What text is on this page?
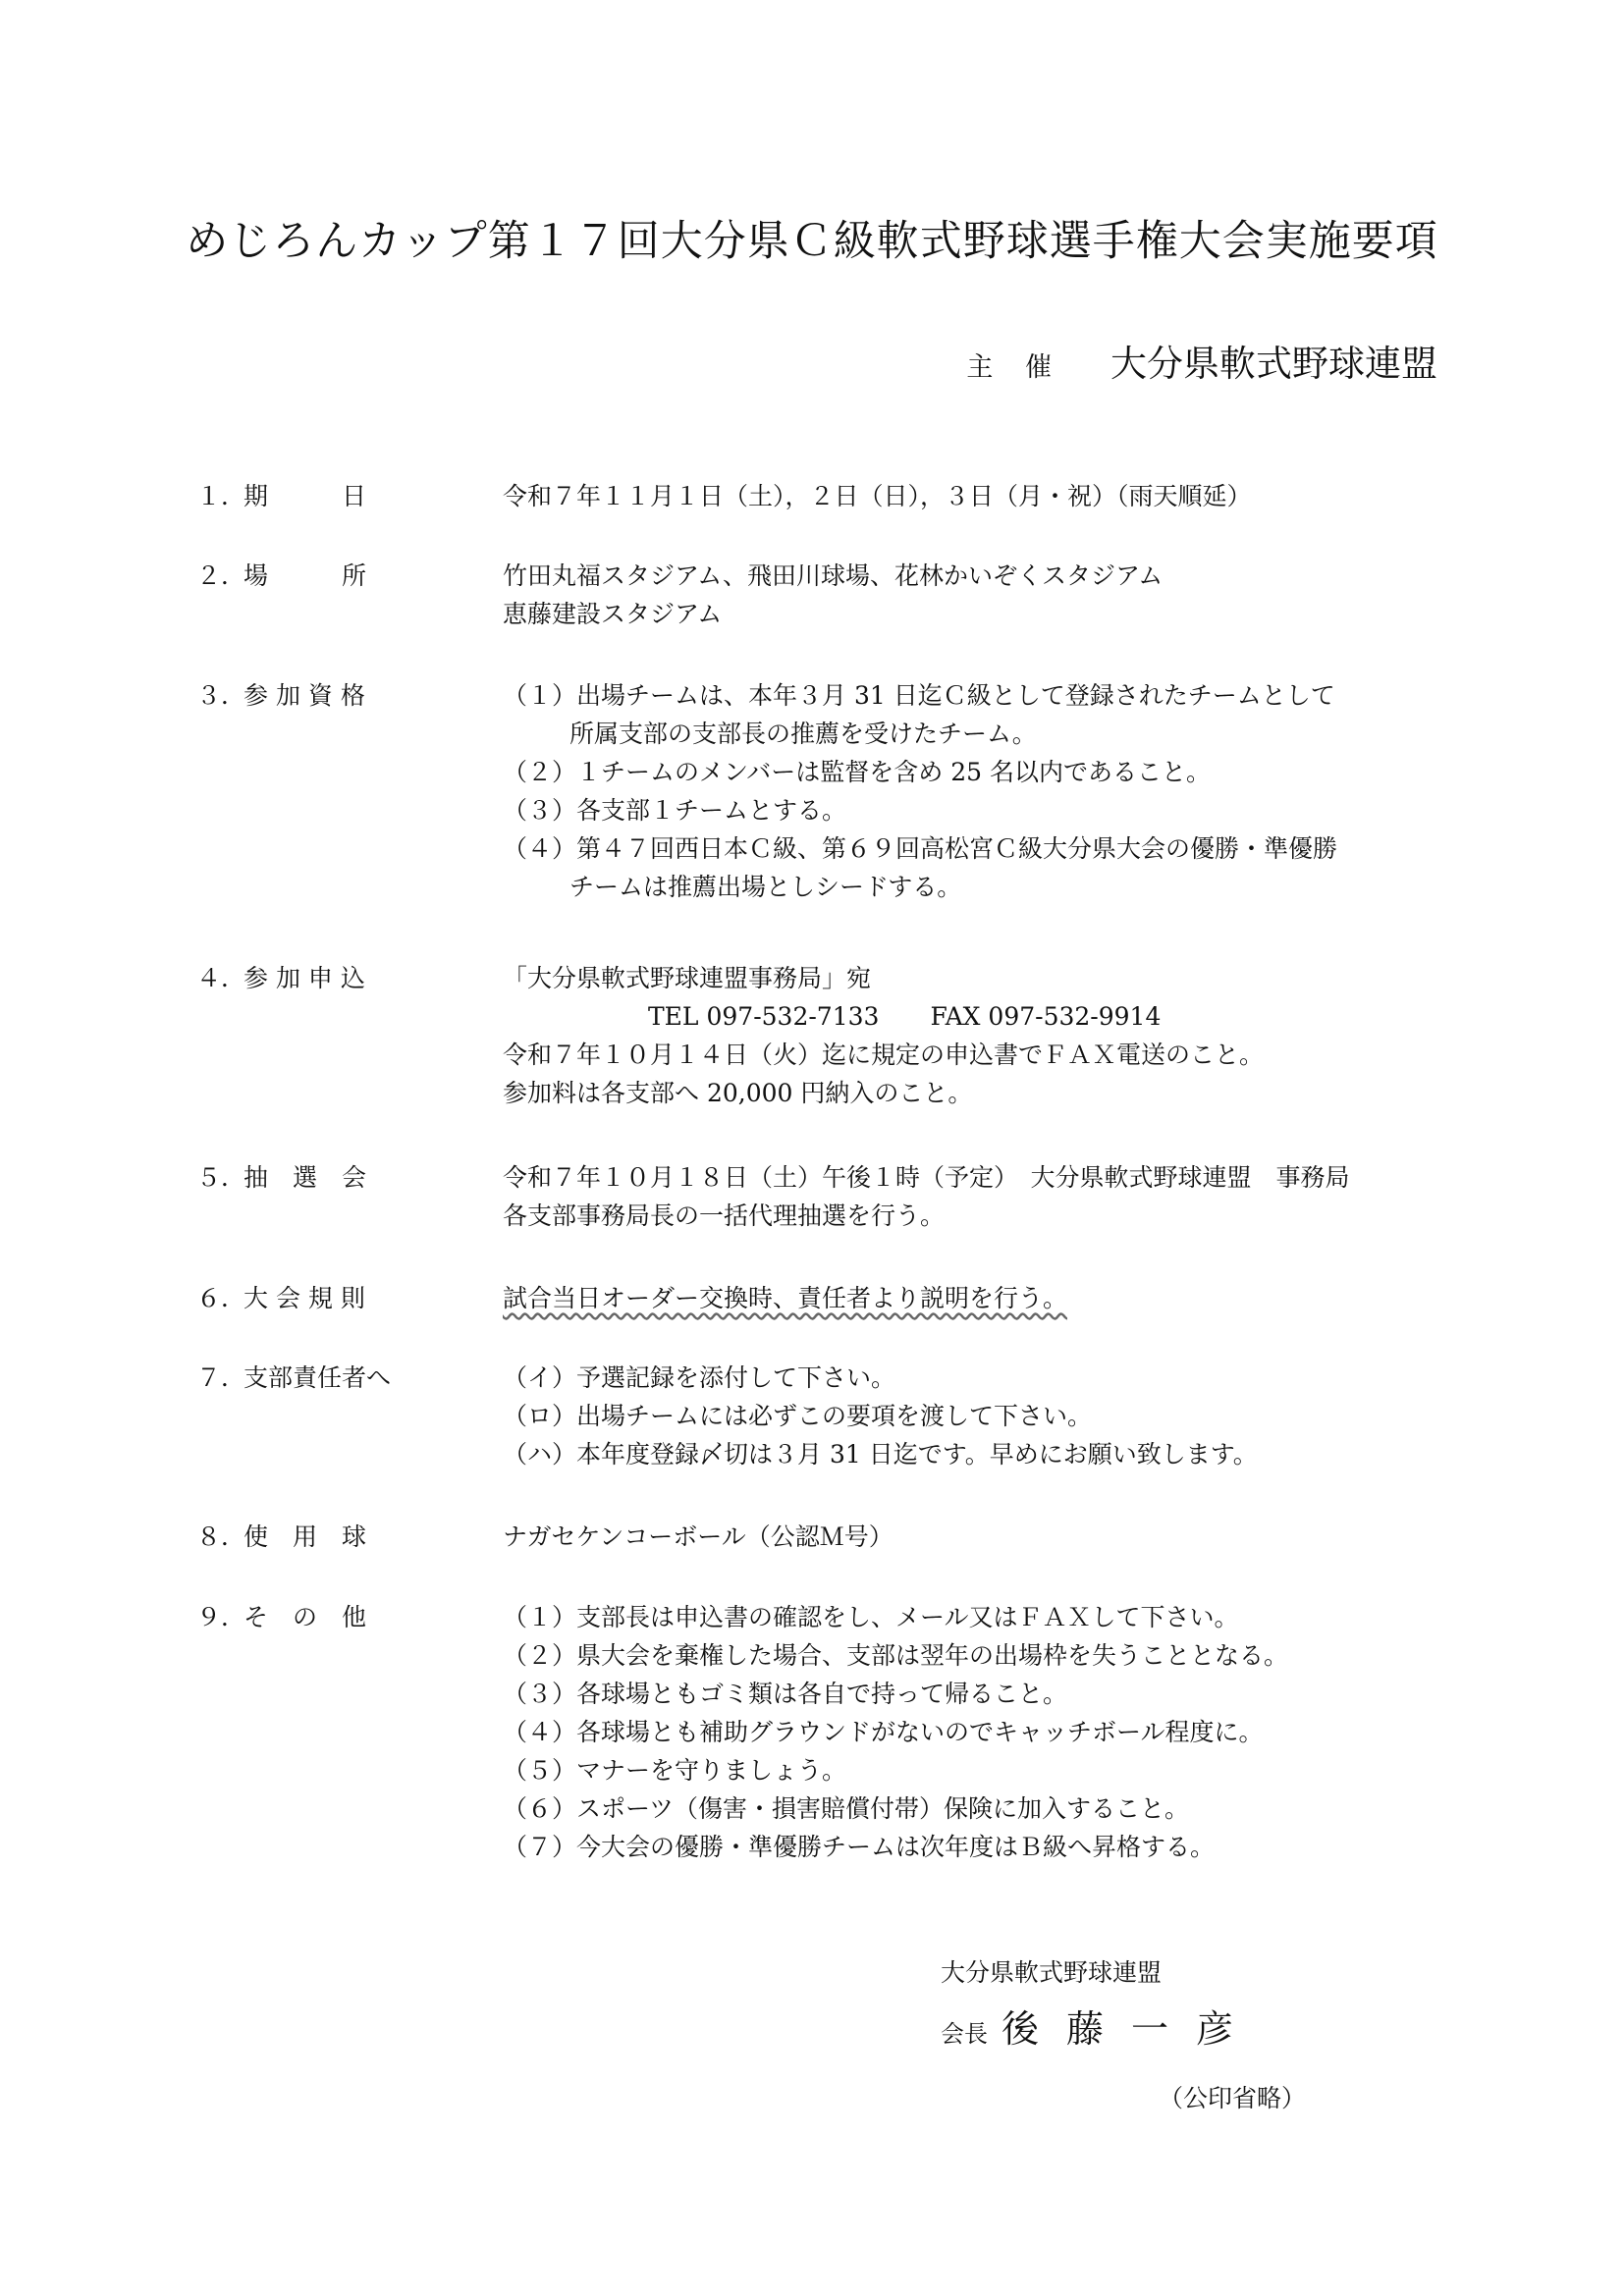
めじろんカップ第１７回大分県Ｃ級軟式野球選手権大会実施要項
主 催 大分県軟式野球連盟
１．期　　　日	令和７年１１月１日（土），２日（日），３日（月・祝）（雨天順延）
２．場　　　所	竹田丸福スタジアム、飛田川球場、花林かいぞくスタジアム
恵藤建設スタジアム
３．参 加 資 格	（１）出場チームは、本年３月 31 日迄Ｃ級として登録されたチームとして
所属支部の支部長の推薦を受けたチーム。
（２）１チームのメンバーは監督を含め 25 名以内であること。
（３）各支部１チームとする。
（４）第４７回西日本Ｃ級、第６９回高松宮Ｃ級大分県大会の優勝・準優勝
チームは推薦出場としシードする。
４．参 加 申 込	「大分県軟式野球連盟事務局」宛
TEL 097-532-7133 FAX 097-532-9914
令和７年１０月１４日（火）迄に規定の申込書でＦＡＸ電送のこと。
参加料は各支部へ 20,000 円納入のこと。
５．抽　選　会	令和７年１０月１８日（土）午後１時（予定）　大分県軟式野球連盟　事務局
各支部事務局長の一括代理抽選を行う。
６．大 会 規 則	試合当日オーダー交換時、責任者より説明を行う。
７．支部責任者へ	（イ）予選記録を添付して下さい。
（ロ）出場チームには必ずこの要項を渡して下さい。
（ハ）本年度登録〆切は３月 31 日迄です。早めにお願い致します。
８．使　用　球	ナガセケンコーボール（公認Ｍ号）
９．そ　の　他	（１）支部長は申込書の確認をし、メール又はＦＡＸして下さい。
（２）県大会を棄権した場合、支部は翌年の出場枠を失うこととなる。
（３）各球場ともゴミ類は各自で持って帰ること。
（４）各球場とも補助グラウンドがないのでキャッチボール程度に。
（５）マナーを守りましょう。
（６）スポーツ（傷害・損害賠償付帯）保険に加入すること。
（７）今大会の優勝・準優勝チームは次年度はＢ級へ昇格する。
大分県軟式野球連盟
会長 後藤一彦
（公印省略）
